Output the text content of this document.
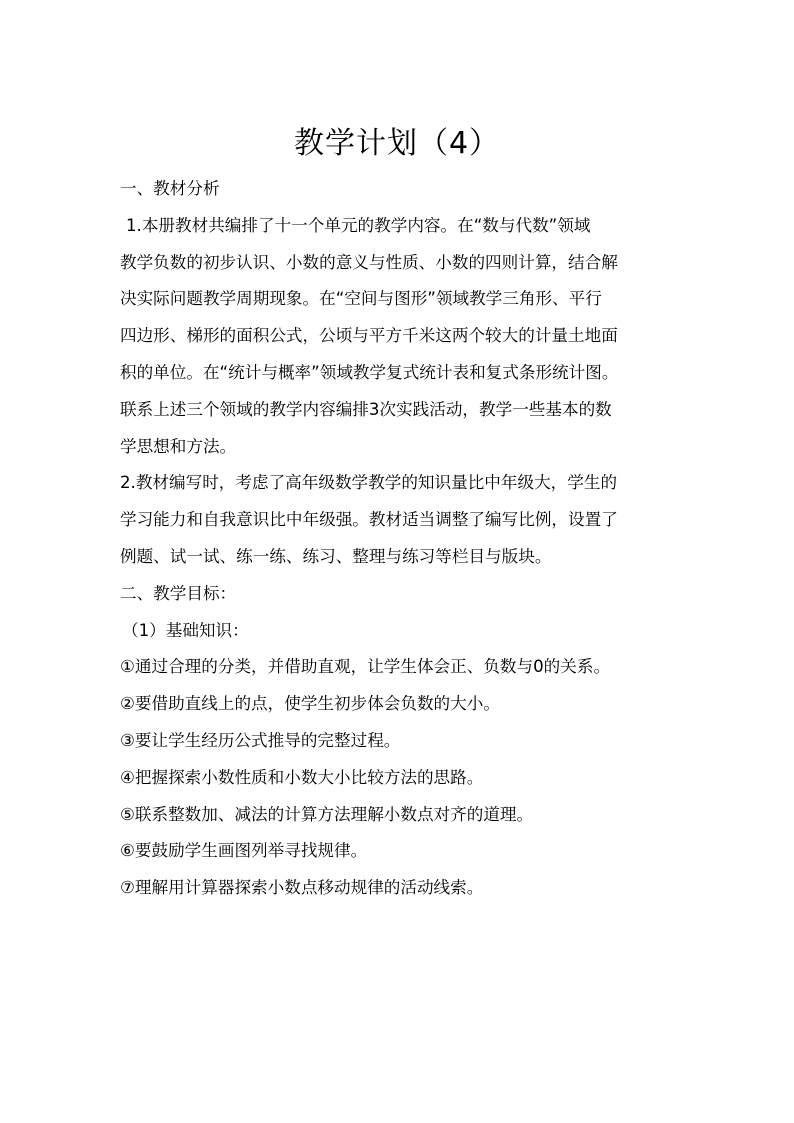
教学计划（4）
一、教材分析
1.本册教材共编排了十一个单元的教学内容。在“数与代数”领域
教学负数的初步认识、小数的意义与性质、小数的四则计算，结合解
决实际问题教学周期现象。在“空间与图形”领域教学三角形、平行
四边形、梯形的面积公式，公顷与平方千米这两个较大的计量土地面
积的单位。在“统计与概率”领域教学复式统计表和复式条形统计图。
联系上述三个领域的教学内容编排3次实践活动，教学一些基本的数
学思想和方法。
2.教材编写时，考虑了高年级数学教学的知识量比中年级大，学生的
学习能力和自我意识比中年级强。教材适当调整了编写比例，设置了
例题、试一试、练一练、练习、整理与练习等栏目与版块。
二、教学目标：
（1）基础知识：
①通过合理的分类，并借助直观，让学生体会正、负数与0的关系。
②要借助直线上的点，使学生初步体会负数的大小。
③要让学生经历公式推导的完整过程。
④把握探索小数性质和小数大小比较方法的思路。
⑤联系整数加、减法的计算方法理解小数点对齐的道理。
⑥要鼓励学生画图列举寻找规律。
⑦理解用计算器探索小数点移动规律的活动线索。
